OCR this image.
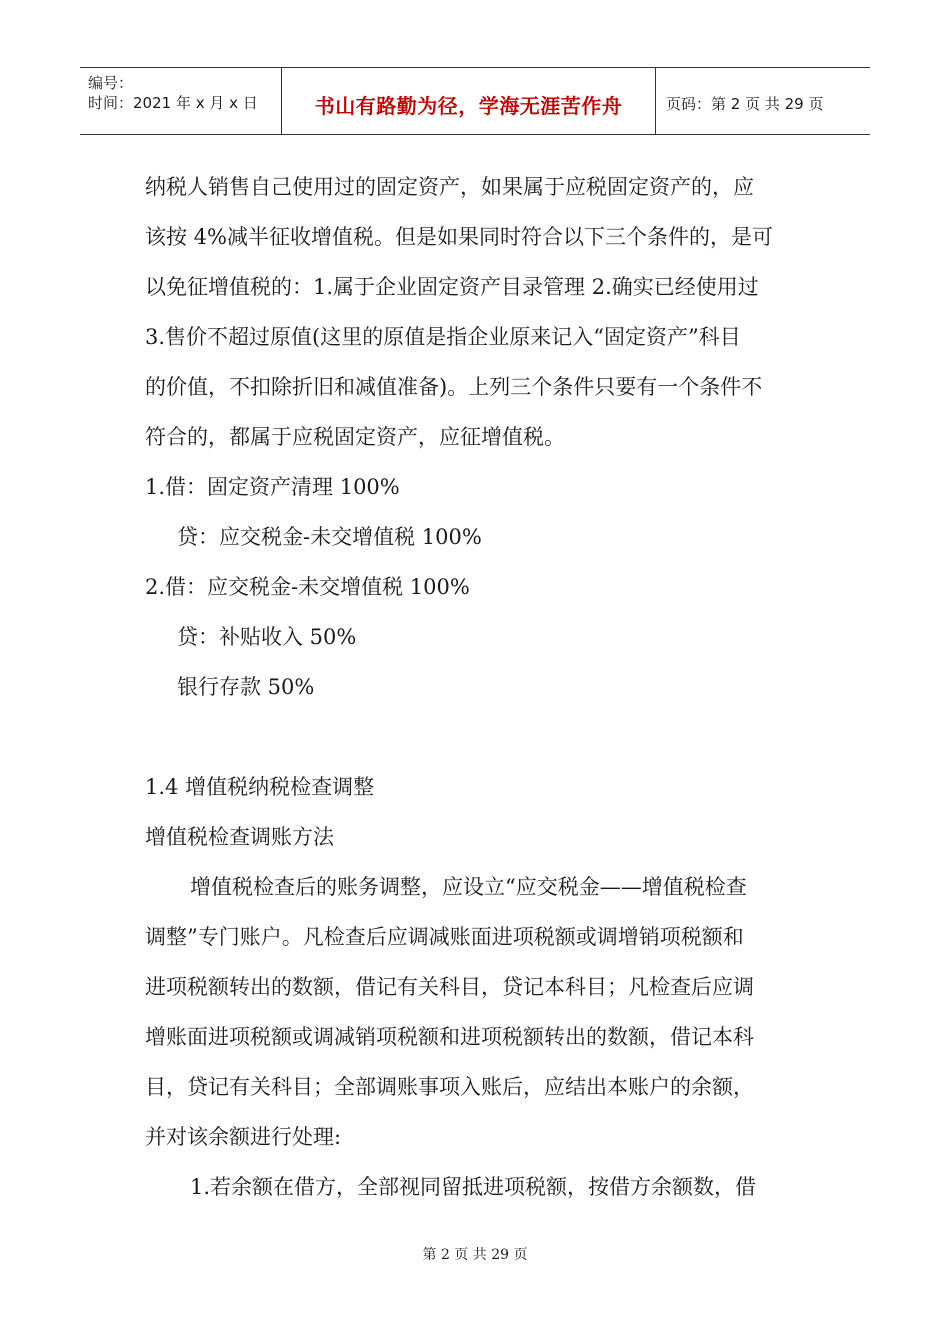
编号：
时间：2021 年 x 月 x 日	书山有路勤为径，学海无涯苦作舟	页码：第 2 页 共 29 页
纳税人销售自己使用过的固定资产，如果属于应税固定资产的，应
该按 4%减半征收增值税。但是如果同时符合以下三个条件的，是可
以免征增值税的：1.属于企业固定资产目录管理 2.确实已经使用过
3.售价不超过原值(这里的原值是指企业原来记入“固定资产”科目
的价值，不扣除折旧和减值准备)。上列三个条件只要有一个条件不
符合的，都属于应税固定资产，应征增值税。
1.借：固定资产清理 100%
贷：应交税金-未交增值税 100%
2.借：应交税金-未交增值税 100%
贷：补贴收入 50%
银行存款 50%
1.4 增值税纳税检查调整
增值税检查调账方法
增值税检查后的账务调整，应设立“应交税金——增值税检查
调整”专门账户。凡检查后应调减账面进项税额或调增销项税额和
进项税额转出的数额，借记有关科目，贷记本科目；凡检查后应调
增账面进项税额或调减销项税额和进项税额转出的数额，借记本科
目，贷记有关科目；全部调账事项入账后，应结出本账户的余额，
并对该余额进行处理:
1.若余额在借方，全部视同留抵进项税额，按借方余额数，借
第 2 页 共 29 页
